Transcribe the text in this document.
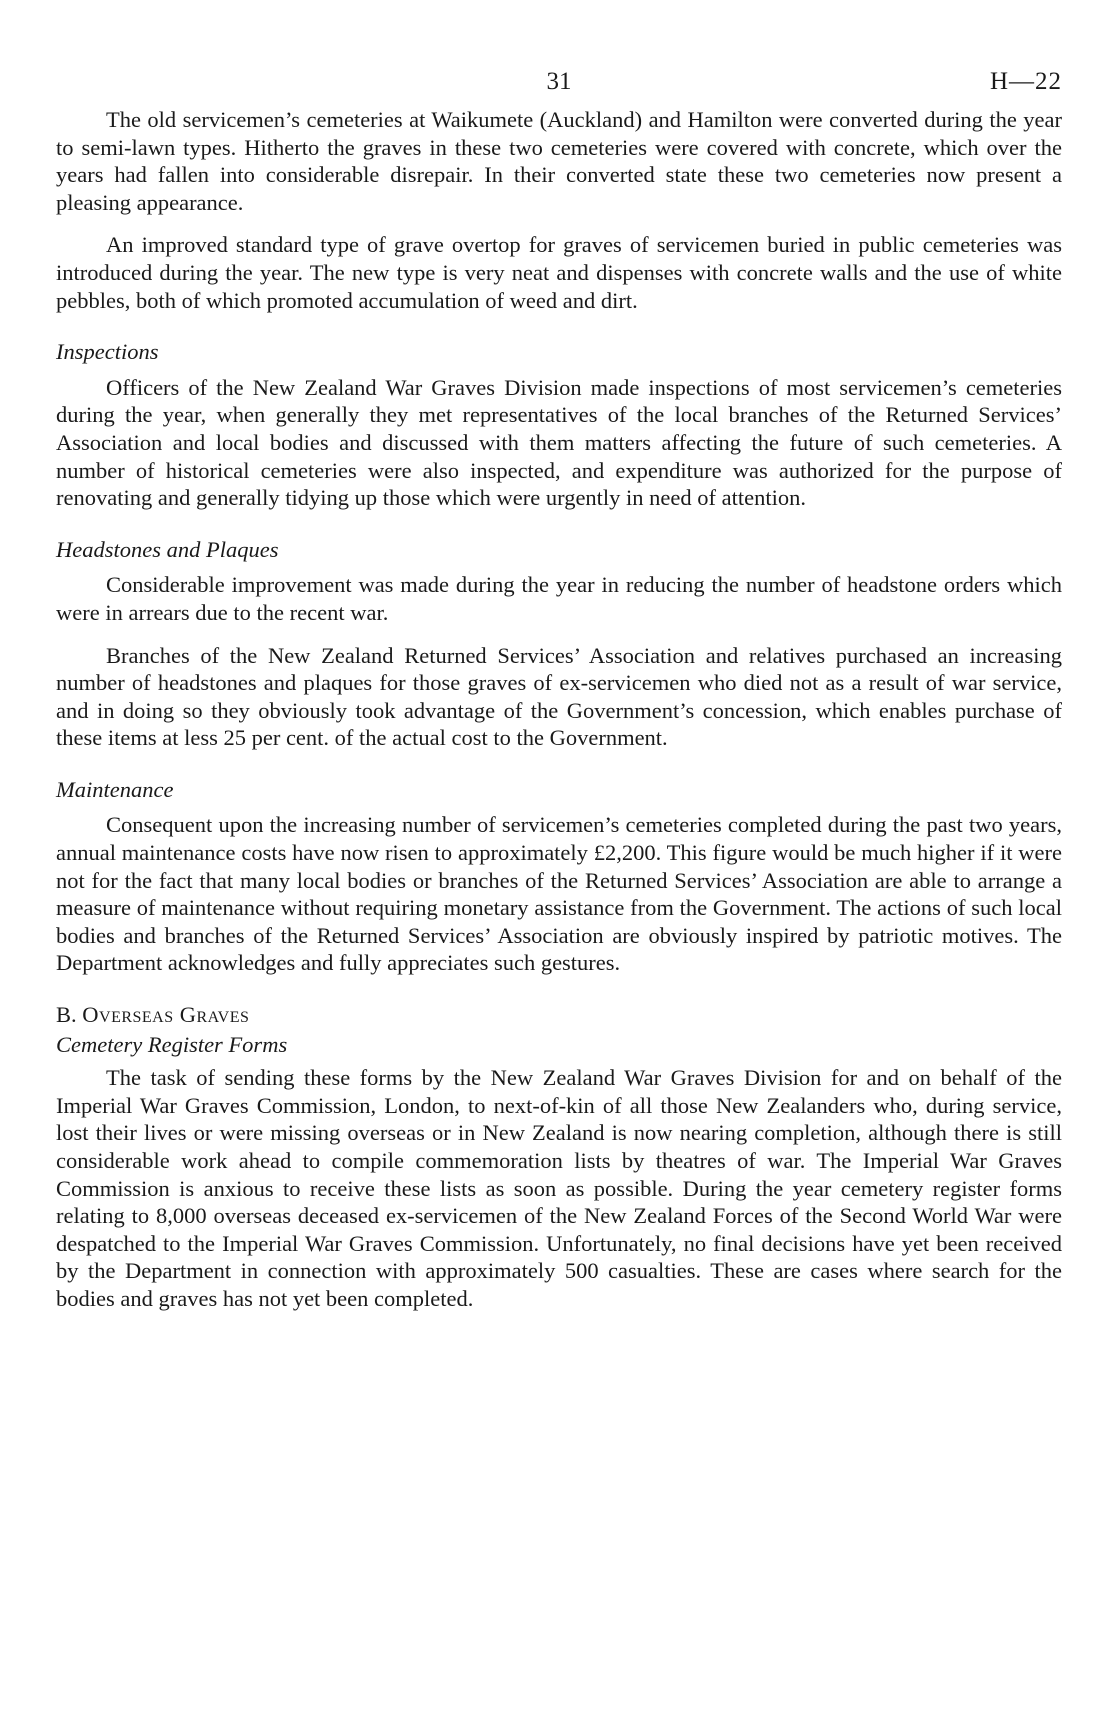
31	H—22

The old servicemen’s cemeteries at Waikumete (Auckland) and Hamilton were converted during the year to semi-lawn types. Hitherto the graves in these two cemeteries were covered with concrete, which over the years had fallen into considerable disrepair. In their converted state these two cemeteries now present a pleasing appearance.

An improved standard type of grave overtop for graves of servicemen buried in public cemeteries was introduced during the year. The new type is very neat and dispenses with concrete walls and the use of white pebbles, both of which promoted accumulation of weed and dirt.

Inspections

Officers of the New Zealand War Graves Division made inspections of most servicemen’s cemeteries during the year, when generally they met representatives of the local branches of the Returned Services’ Association and local bodies and discussed with them matters affecting the future of such cemeteries. A number of historical cemeteries were also inspected, and expenditure was authorized for the purpose of renovating and generally tidying up those which were urgently in need of attention.

Headstones and Plaques

Considerable improvement was made during the year in reducing the number of headstone orders which were in arrears due to the recent war.

Branches of the New Zealand Returned Services’ Association and relatives purchased an increasing number of headstones and plaques for those graves of ex-servicemen who died not as a result of war service, and in doing so they obviously took advantage of the Government’s concession, which enables purchase of these items at less 25 per cent. of the actual cost to the Government.

Maintenance

Consequent upon the increasing number of servicemen’s cemeteries completed during the past two years, annual maintenance costs have now risen to approximately £2,200. This figure would be much higher if it were not for the fact that many local bodies or branches of the Returned Services’ Association are able to arrange a measure of maintenance without requiring monetary assistance from the Government. The actions of such local bodies and branches of the Returned Services’ Association are obviously inspired by patriotic motives. The Department acknowledges and fully appreciates such gestures.

B. Overseas Graves
Cemetery Register Forms

The task of sending these forms by the New Zealand War Graves Division for and on behalf of the Imperial War Graves Commission, London, to next-of-kin of all those New Zealanders who, during service, lost their lives or were missing overseas or in New Zealand is now nearing completion, although there is still considerable work ahead to compile commemoration lists by theatres of war. The Imperial War Graves Commission is anxious to receive these lists as soon as possible. During the year cemetery register forms relating to 8,000 overseas deceased ex-servicemen of the New Zealand Forces of the Second World War were despatched to the Imperial War Graves Commission. Unfortunately, no final decisions have yet been received by the Department in connection with approximately 500 casualties. These are cases where search for the bodies and graves has not yet been completed.
